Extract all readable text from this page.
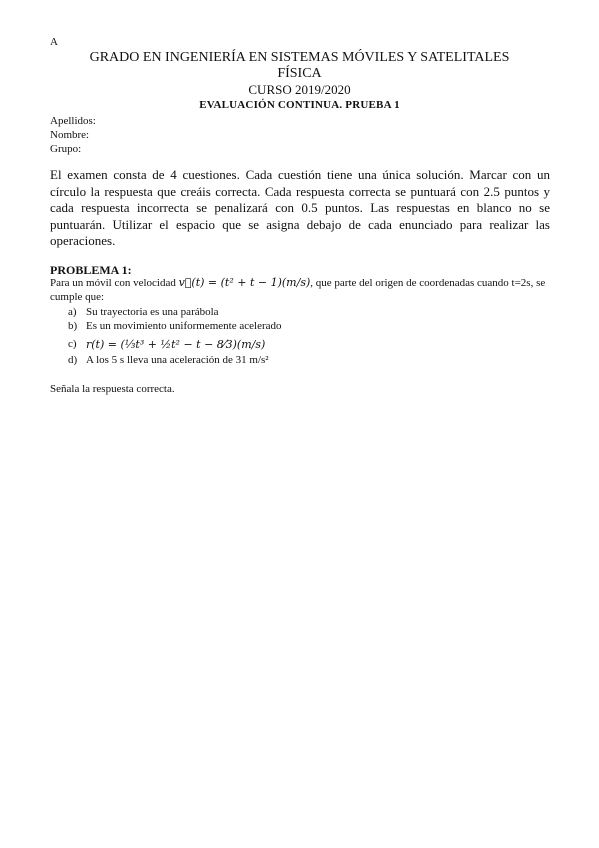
A
GRADO EN INGENIERÍA EN SISTEMAS MÓVILES Y SATELITALES
FÍSICA
CURSO 2019/2020
EVALUACIÓN CONTINUA. PRUEBA 1
Apellidos:
Nombre:
Grupo:
El examen consta de 4 cuestiones. Cada cuestión tiene una única solución. Marcar con un círculo la respuesta que creáis correcta. Cada respuesta correcta se puntuará con 2.5 puntos y cada respuesta incorrecta se penalizará con 0.5 puntos. Las respuestas en blanco no se puntuarán. Utilizar el espacio que se asigna debajo de cada enunciado para realizar las operaciones.
PROBLEMA 1:
Para un móvil con velocidad v⃗(t) = (t² + t − 1)(m/s), que parte del origen de coordenadas cuando t=2s, se cumple que:
a) Su trayectoria es una parábola
b) Es un movimiento uniformemente acelerado
c) r(t) = (⅓t³ + ½t² − t − 8⁄3)(m/s)
d) A los 5 s lleva una aceleración de 31 m/s²
Señala la respuesta correcta.
